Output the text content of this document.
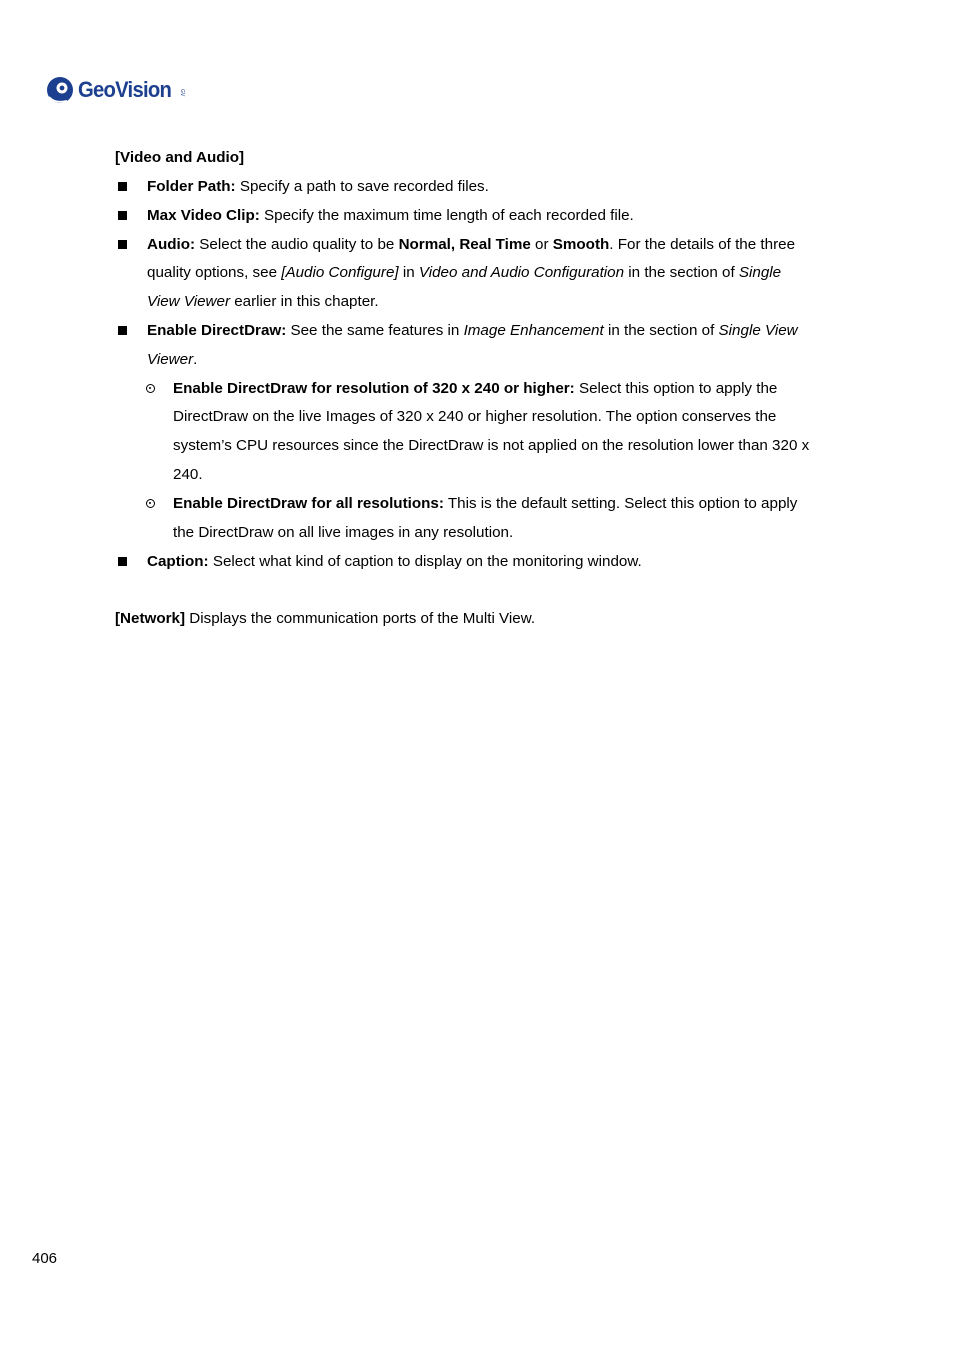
GeoVision GV
[Video and Audio]
Folder Path: Specify a path to save recorded files.
Max Video Clip: Specify the maximum time length of each recorded file.
Audio: Select the audio quality to be Normal, Real Time or Smooth. For the details of the three
quality options, see [Audio Configure] in Video and Audio Configuration in the section of Single
View Viewer earlier in this chapter.
Enable DirectDraw: See the same features in Image Enhancement in the section of Single View
Viewer.
Enable DirectDraw for resolution of 320 x 240 or higher: Select this option to apply the
DirectDraw on the live Images of 320 x 240 or higher resolution. The option conserves the
system’s CPU resources since the DirectDraw is not applied on the resolution lower than 320 x
240.
Enable DirectDraw for all resolutions: This is the default setting. Select this option to apply
the DirectDraw on all live images in any resolution.
Caption: Select what kind of caption to display on the monitoring window.
[Network] Displays the communication ports of the Multi View.
406
